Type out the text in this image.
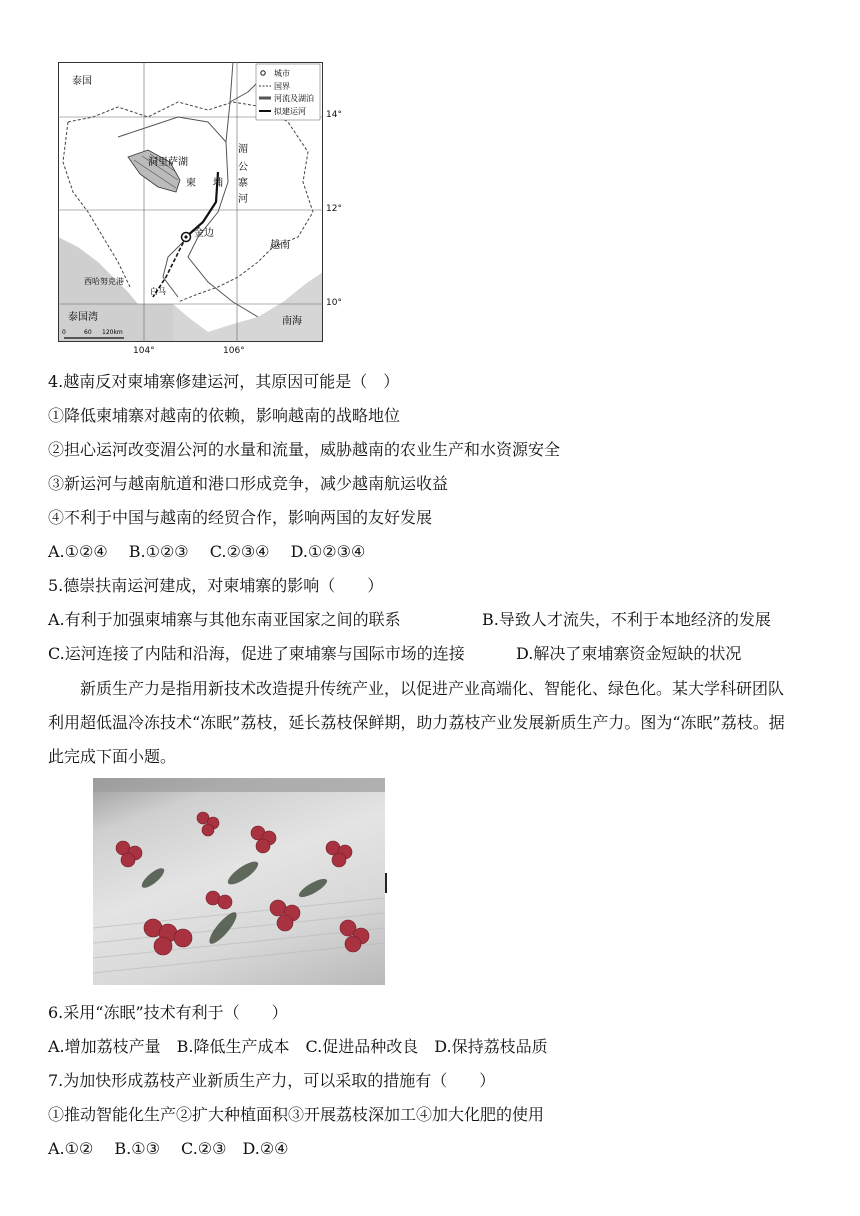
城市
国界
河流及湖泊
拟建运河
泰国
洞里萨湖
柬 埔 寨
湄
公
河
金边
越南
西哈努克港
白马
泰国湾	南海
0	60 120km
14°
12°
10°
104°	106°
4.越南反对柬埔寨修建运河，其原因可能是（　）
①降低柬埔寨对越南的依赖，影响越南的战略地位
②担心运河改变湄公河的水量和流量，威胁越南的农业生产和水资源安全
③新运河与越南航道和港口形成竞争，减少越南航运收益
④不利于中国与越南的经贸合作，影响两国的友好发展
A.①②④　 B.①②③　 C.②③④　 D.①②③④
5.德崇扶南运河建成，对柬埔寨的影响（　　）
A.有利于加强柬埔寨与其他东南亚国家之间的联系	B.导致人才流失，不利于本地经济的发展
C.运河连接了内陆和沿海，促进了柬埔寨与国际市场的连接	D.解决了柬埔寨资金短缺的状况
新质生产力是指用新技术改造提升传统产业，以促进产业高端化、智能化、绿色化。某大学科研团队利用超低温冷冻技术“冻眠”荔枝，延长荔枝保鲜期，助力荔枝产业发展新质生产力。图为“冻眠”荔枝。据此完成下面小题。
6.采用“冻眠”技术有利于（　　）
A.增加荔枝产量　B.降低生产成本　C.促进品种改良　D.保持荔枝品质
7.为加快形成荔枝产业新质生产力，可以采取的措施有（　　）
①推动智能化生产②扩大种植面积③开展荔枝深加工④加大化肥的使用
A.①②　 B.①③　 C.②③　D.②④
